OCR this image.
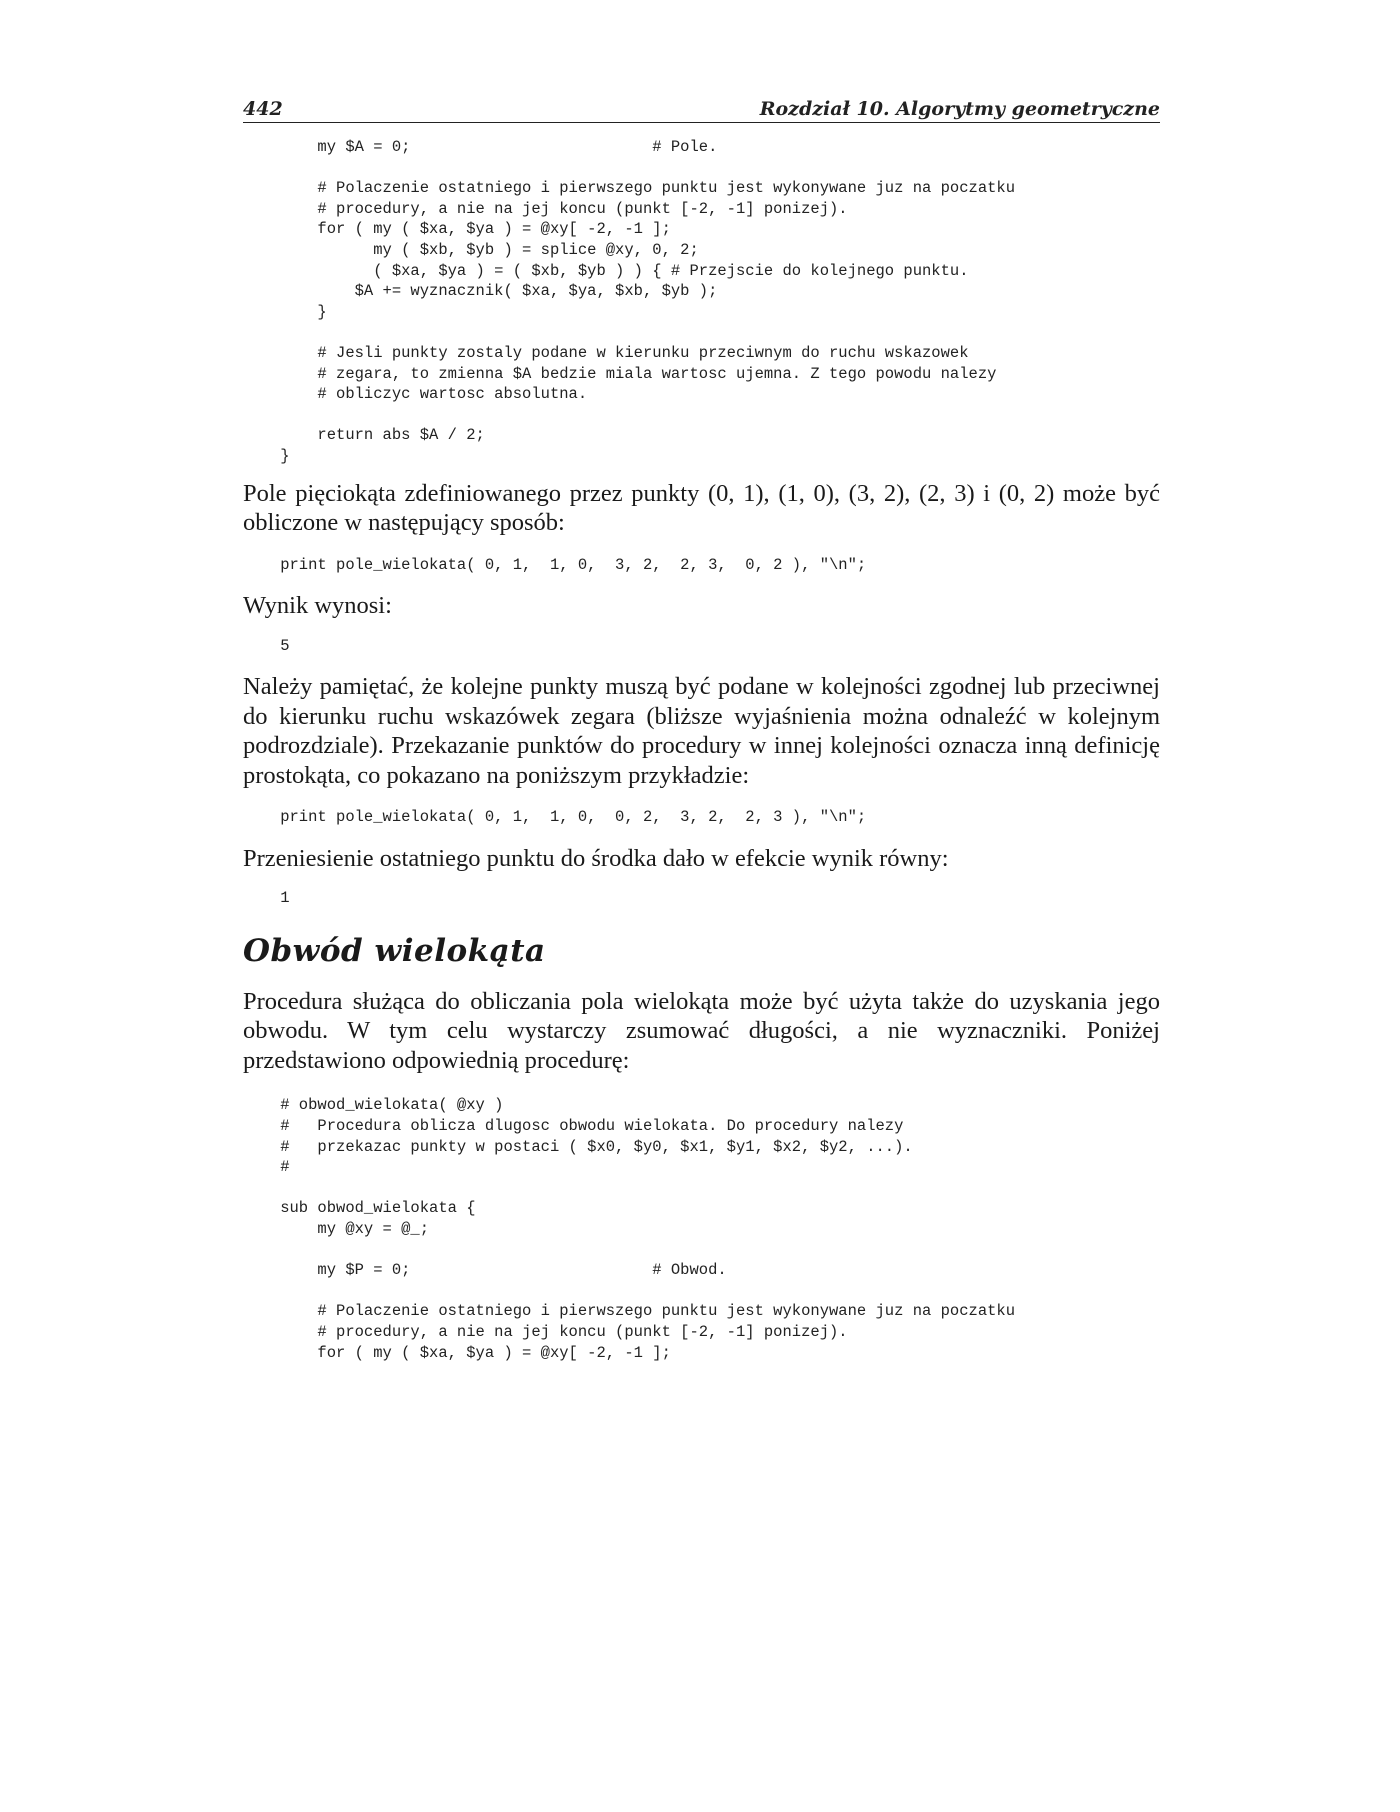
442	Rozdział 10. Algorytmy geometryczne
my $A = 0;                          # Pole.

# Polaczenie ostatniego i pierwszego punktu jest wykonywane juz na poczatku
# procedury, a nie na jej koncu (punkt [-2, -1] ponizej).
for ( my ( $xa, $ya ) = @xy[ -2, -1 ];
my ( $xb, $yb ) = splice @xy, 0, 2;
( $xa, $ya ) = ( $xb, $yb ) ) { # Przejscie do kolejnego punktu.
$A += wyznacznik( $xa, $ya, $xb, $yb );
}

# Jesli punkty zostaly podane w kierunku przeciwnym do ruchu wskazowek
# zegara, to zmienna $A bedzie miala wartosc ujemna. Z tego powodu nalezy
# obliczyc wartosc absolutna.

return abs $A / 2;
}

Pole pięciokąta zdefiniowanego przez punkty (0, 1), (1, 0), (3, 2), (2, 3) i (0, 2) może być obliczone w następujący sposób:

print pole_wielokata( 0, 1,  1, 0,  3, 2,  2, 3,  0, 2 ), "\n";

Wynik wynosi:

5

Należy pamiętać, że kolejne punkty muszą być podane w kolejności zgodnej lub przeciwnej do kierunku ruchu wskazówek zegara (bliższe wyjaśnienia można odnaleźć w kolejnym podrozdziale). Przekazanie punktów do procedury w innej kolejności oznacza inną definicję prostokąta, co pokazano na poniższym przykładzie:

print pole_wielokata( 0, 1,  1, 0,  0, 2,  3, 2,  2, 3 ), "\n";

Przeniesienie ostatniego punktu do środka dało w efekcie wynik równy:

1
Obwód wielokąta

Procedura służąca do obliczania pola wielokąta może być użyta także do uzyskania jego obwodu. W tym celu wystarczy zsumować długości, a nie wyznaczniki. Poniżej przedstawiono odpowiednią procedurę:

# obwod_wielokata( @xy )
#   Procedura oblicza dlugosc obwodu wielokata. Do procedury nalezy
#   przekazac punkty w postaci ( $x0, $y0, $x1, $y1, $x2, $y2, ...).
#

sub obwod_wielokata {
my @xy = @_;

my $P = 0;                          # Obwod.

# Polaczenie ostatniego i pierwszego punktu jest wykonywane juz na poczatku
# procedury, a nie na jej koncu (punkt [-2, -1] ponizej).
for ( my ( $xa, $ya ) = @xy[ -2, -1 ];
